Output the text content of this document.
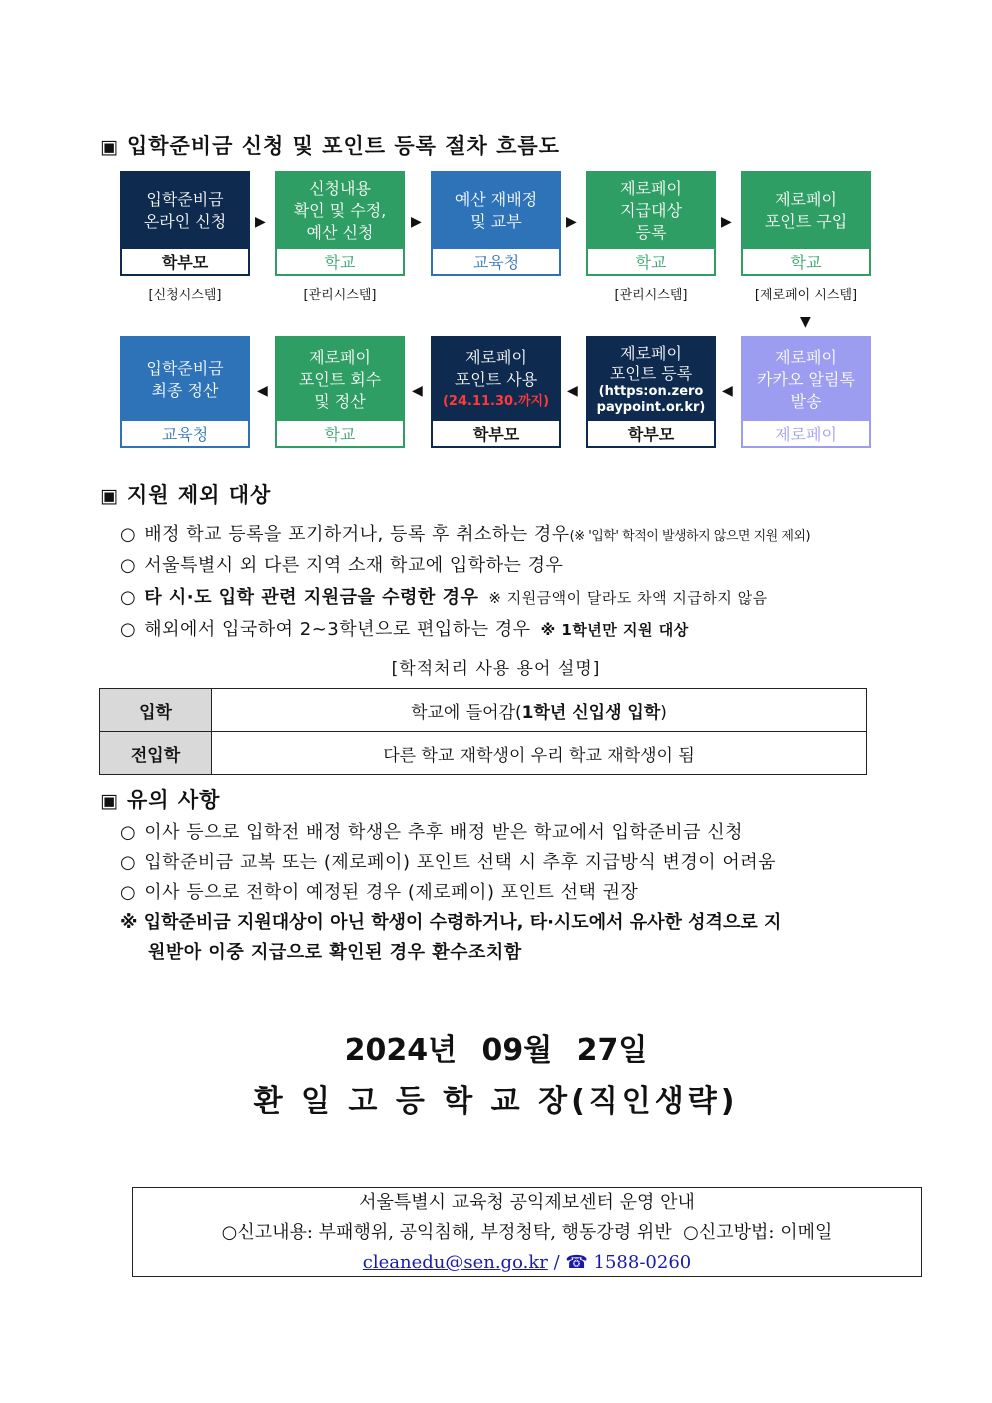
▣ 입학준비금 신청 및 포인트 등록 절차 흐름도
입학준비금
온라인 신청
학부모
▶
신청내용
확인 및 수정,
예산 신청
학교
▶
예산 재배정
및 교부
교육청
▶
제로페이
지급대상
등록
학교
▶
제로페이
포인트 구입
학교
[신청시스템]	[관리시스템]	[관리시스템]	[제로페이 시스템]
▼
입학준비금
최종 정산
교육청
◀
제로페이
포인트 회수
및 정산
학교
◀
제로페이
포인트 사용
(24.11.30.까지)
학부모
◀
제로페이
포인트 등록
(https:on.zero
paypoint.or.kr)
학부모
◀
제로페이
카카오 알림톡
발송
제로페이
▣ 지원 제외 대상
○ 배정 학교 등록을 포기하거나, 등록 후 취소하는 경우(※ '입학' 학적이 발생하지 않으면 지원 제외)
○ 서울특별시 외 다른 지역 소재 학교에 입학하는 경우
○ 타 시·도 입학 관련 지원금을 수령한 경우 ※ 지원금액이 달라도 차액 지급하지 않음
○ 해외에서 입국하여 2~3학년으로 편입하는 경우 ※ 1학년만 지원 대상
[학적처리 사용 용어 설명]
입학	학교에 들어감(1학년 신입생 입학)
전입학	다른 학교 재학생이 우리 학교 재학생이 됨
▣ 유의 사항
○ 이사 등으로 입학전 배정 학생은 추후 배정 받은 학교에서 입학준비금 신청
○ 입학준비금 교복 또는 (제로페이) 포인트 선택 시 추후 지급방식 변경이 어려움
○ 이사 등으로 전학이 예정된 경우 (제로페이) 포인트 선택 권장
※ 입학준비금 지원대상이 아닌 학생이 수령하거나, 타·시도에서 유사한 성격으로 지
원받아 이중 지급으로 확인된 경우 환수조치함
2024년 09월 27일
환 일 고 등 학 교 장(직인생략)
서울특별시 교육청 공익제보센터 운영 안내
○신고내용: 부패행위, 공익침해, 부정청탁, 행동강령 위반 ○신고방법: 이메일
cleanedu@sen.go.kr / ☎ 1588-0260
